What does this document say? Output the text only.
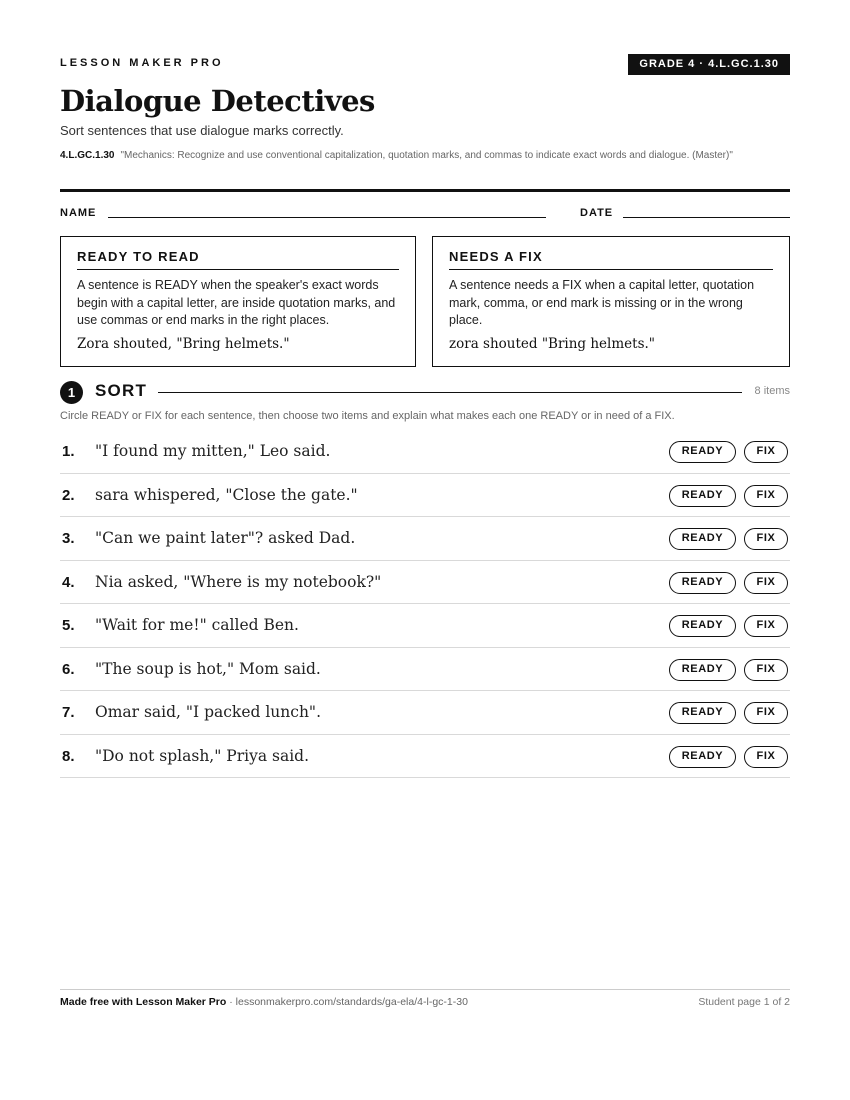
LESSON MAKER PRO	GRADE 4 · 4.L.GC.1.30
Dialogue Detectives
Sort sentences that use dialogue marks correctly.
4.L.GC.1.30 "Mechanics: Recognize and use conventional capitalization, quotation marks, and commas to indicate exact words and dialogue. (Master)"
NAME	DATE
READY TO READ
A sentence is READY when the speaker's exact words begin with a capital letter, are inside quotation marks, and use commas or end marks in the right places.
Zora shouted, "Bring helmets."
NEEDS A FIX
A sentence needs a FIX when a capital letter, quotation mark, comma, or end mark is missing or in the wrong place.
zora shouted "Bring helmets."
1	SORT	8 items
Circle READY or FIX for each sentence, then choose two items and explain what makes each one READY or in need of a FIX.
1. "I found my mitten," Leo said.	READY	FIX
2. sara whispered, "Close the gate."	READY	FIX
3. "Can we paint later"? asked Dad.	READY	FIX
4. Nia asked, "Where is my notebook?"	READY	FIX
5. "Wait for me!" called Ben.	READY	FIX
6. "The soup is hot," Mom said.	READY	FIX
7. Omar said, "I packed lunch".	READY	FIX
8. "Do not splash," Priya said.	READY	FIX
Made free with Lesson Maker Pro · lessonmakerpro.com/standards/ga-ela/4-l-gc-1-30	Student page 1 of 2
